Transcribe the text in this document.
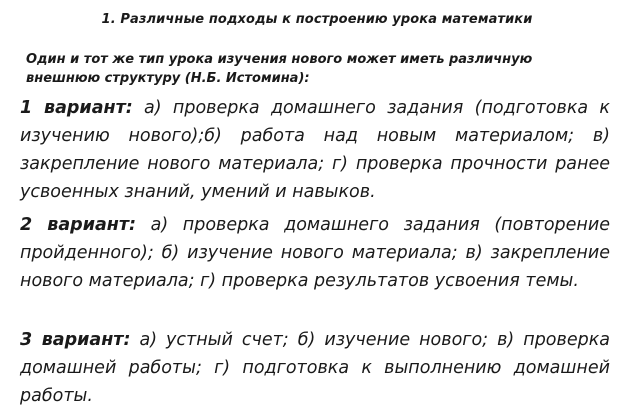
1. Различные подходы к построению урока математики
Один и тот же тип урока изучения нового может иметь различную внешнюю структуру (Н.Б. Истомина):
1 вариант: а) проверка домашнего задания (подготовка к изучению нового);б) работа над новым материалом; в) закрепление нового материала; г) проверка прочности ранее усвоенных знаний, умений и навыков.
2 вариант: а) проверка домашнего задания (повторение пройденного); б) изучение нового материала; в) закрепление нового материала; г) проверка результатов усвоения темы.
3 вариант: а) устный счет; б) изучение нового; в) проверка домашней работы; г) подготовка к выполнению домашней работы.
